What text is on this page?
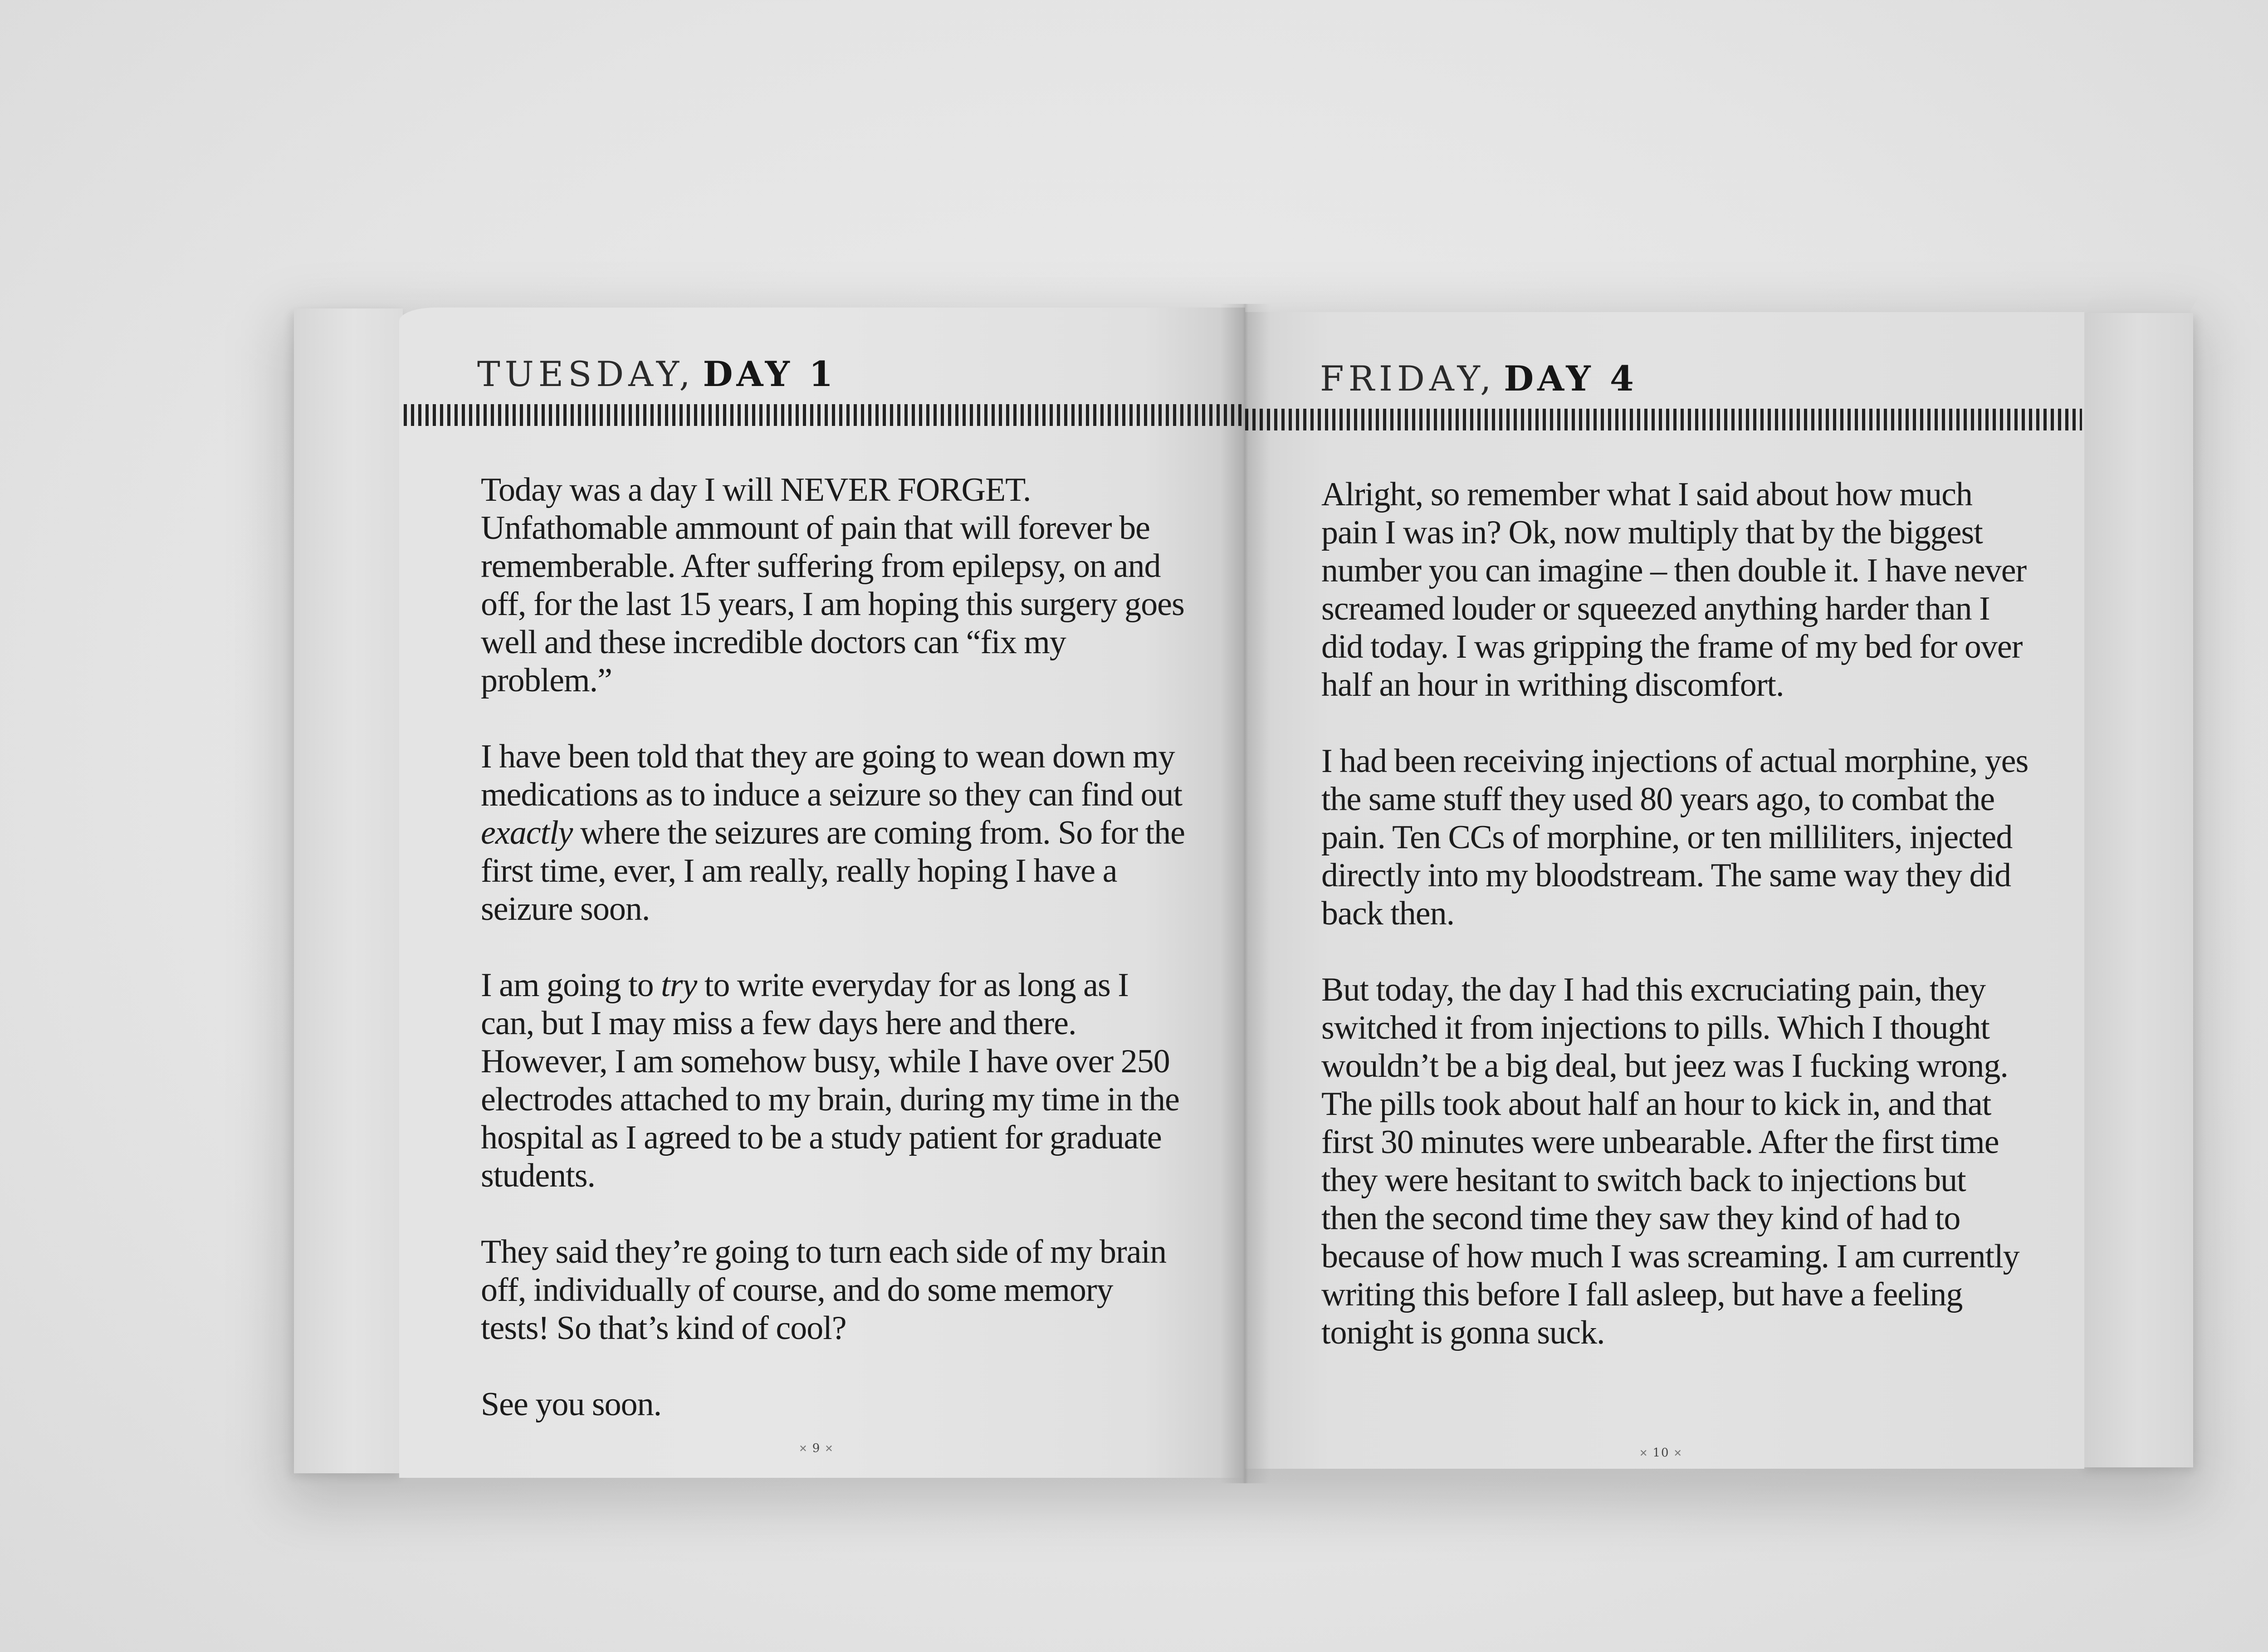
TUESDAY, DAY 1

Today was a day I will NEVER FORGET. Unfathomable ammount of pain that will forever be rememberable. After suffering from epilepsy, on and off, for the last 15 years, I am hoping this surgery goes well and these incredible doctors can “fix my problem.”

I have been told that they are going to wean down my medications as to induce a seizure so they can find out exactly where the seizures are coming from. So for the first time, ever, I am really, really hoping I have a seizure soon.

I am going to try to write everyday for as long as I can, but I may miss a few days here and there. However, I am somehow busy, while I have over 250 electrodes attached to my brain, during my time in the hospital as I agreed to be a study patient for graduate students.

They said they’re going to turn each side of my brain off, individually of course, and do some memory tests! So that’s kind of cool?

See you soon.

✕ 9 ✕
FRIDAY, DAY 4

Alright, so remember what I said about how much pain I was in? Ok, now multiply that by the biggest number you can imagine – then double it. I have never screamed louder or squeezed anything harder than I did today. I was gripping the frame of my bed for over half an hour in writhing discomfort.

I had been receiving injections of actual morphine, yes the same stuff they used 80 years ago, to combat the pain. Ten CCs of morphine, or ten milliliters, injected directly into my bloodstream. The same way they did back then.

But today, the day I had this excruciating pain, they switched it from injections to pills. Which I thought wouldn’t be a big deal, but jeez was I fucking wrong. The pills took about half an hour to kick in, and that first 30 minutes were unbearable. After the first time they were hesitant to switch back to injections but then the second time they saw they kind of had to because of how much I was screaming. I am currently writing this before I fall asleep, but have a feeling tonight is gonna suck.

✕ 10 ✕
